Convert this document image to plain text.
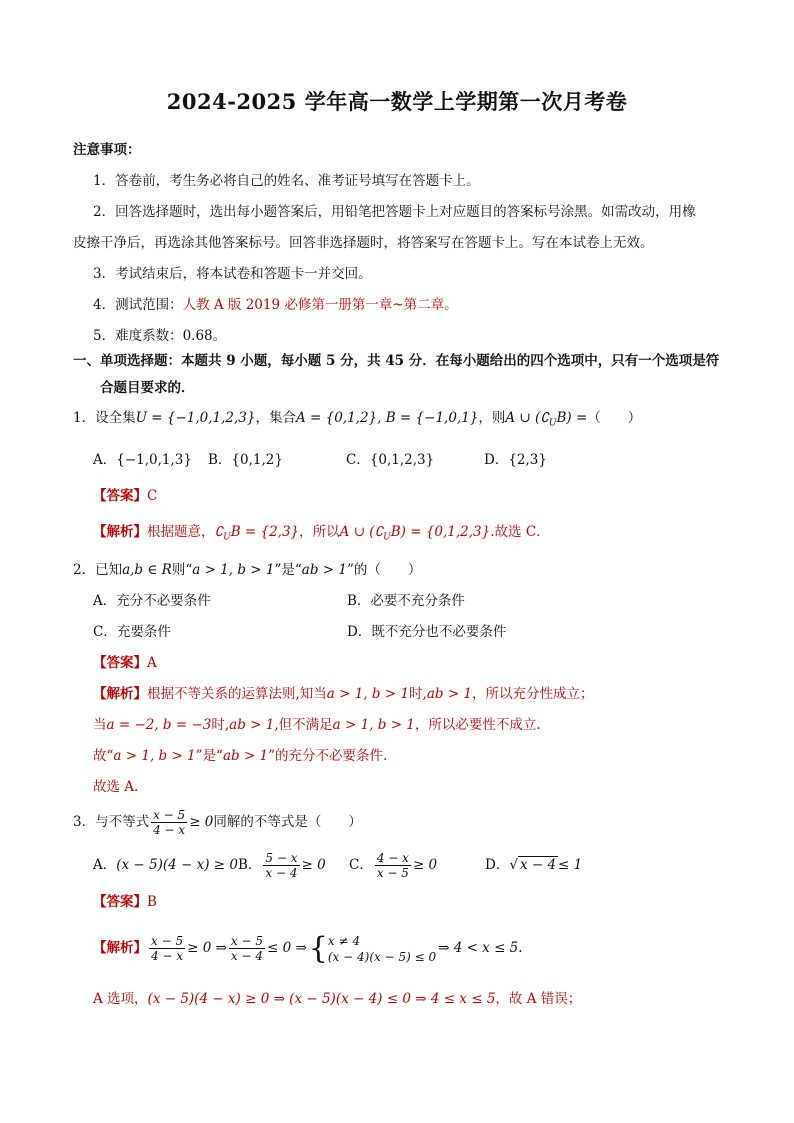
2024-2025 学年高一数学上学期第一次月考卷
注意事项：
1．答卷前，考生务必将自己的姓名、准考证号填写在答题卡上。
2．回答选择题时，选出每小题答案后，用铅笔把答题卡上对应题目的答案标号涂黑。如需改动，用橡
皮擦干净后，再选涂其他答案标号。回答非选择题时，将答案写在答题卡上。写在本试卷上无效。
3．考试结束后，将本试卷和答题卡一并交回。
4．测试范围：人教 A 版 2019 必修第一册第一章~第二章。
5．难度系数：0.68。
一、单项选择题：本题共 9 小题，每小题 5 分，共 45 分．在每小题给出的四个选项中，只有一个选项是符
合题目要求的．
1．设全集U = {−1,0,1,2,3}，集合A = {0,1,2}, B = {−1,0,1}，则A ∪ $(∁_UB)$ =（　　）
A．{−1,0,1,3} B．{0,1,2}	C．{0,1,2,3}	D．{2,3}
【答案】C
【解析】根据题意，$∁_UB = \{2,3\}$，所以A ∪ $(∁_UB) = \{0,1,2,3\}$.故选 C．
2．已知a,b ∈ R则“a > 1, b > 1”是“ab > 1”的（　　）
A．充分不必要条件	B．必要不充分条件
C．充要条件	D．既不充分也不必要条件
【答案】A
【解析】根据不等关系的运算法则,知当a > 1, b > 1时,ab > 1，所以充分性成立；
当a = −2, b = −3时,ab > 1,但不满足a > 1, b > 1，所以必要性不成立.
故“a > 1, b > 1”是“ab > 1”的充分不必要条件.
故选 A.
3．与不等式 $\frac{x - 5}{4 - x} \ge 0$同解的不等式是（　　）
A．(x − 5)(4 − x) ≥ 0 B． $\frac{5 - x}{x - 4} \ge 0$ C． $\frac{4 - x}{x - 5} \ge 0$	D．√ x − 4 ≤ 1
【答案】B
【解析】 $\frac{x - 5}{4 - x} \ge 0$ ⇒ $\frac{x - 5}{x - 4} \le 0$ ⇒ { x ≠ 4
(x − 4)(x − 5) ≤ 0
⇒ 4 < x ≤ 5.
A 选项，(x − 5)(4 − x) ≥ 0 ⇒ (x − 5)(x − 4) ≤ 0 ⇒ 4 ≤ x ≤ 5，故 A 错误；
